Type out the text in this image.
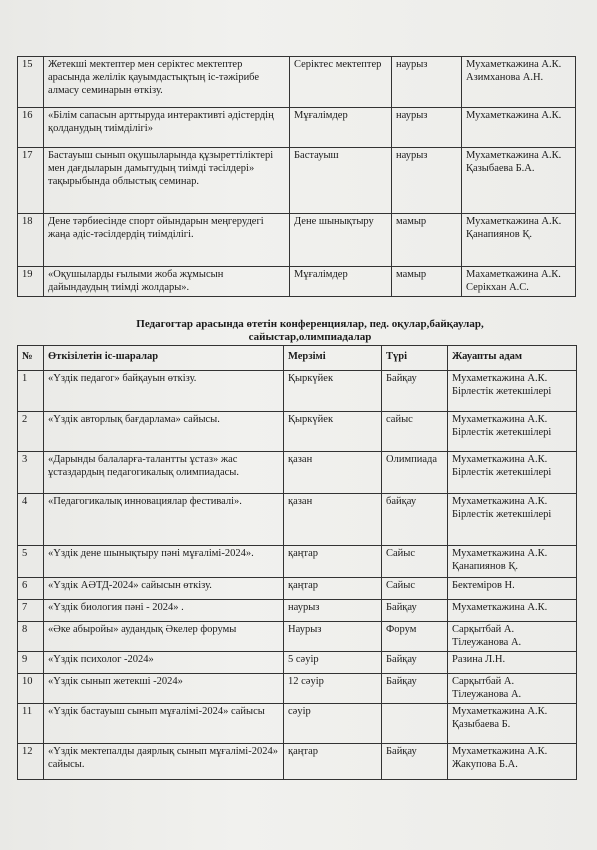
15	Жетекші мектептер мен серіктес мектептер арасында желілік қауымдастықтың іс-тәжірибе алмасу семинарын өткізу.	Серіктес мектептер	наурыз	Мухаметкажина А.К. Азимханова А.Н.
16	«Білім сапасын арттыруда интерактивті әдістердің қолданудың тиімділігі»	Мұғалімдер	наурыз	Мухаметкажина А.К.
17	Бастауыш сынып оқушыларында құзыреттіліктері мен дағдыларын дамытудың тиімді тәсілдері» тақырыбында облыстық семинар.	Бастауыш	наурыз	Мухаметкажина А.К. Қазыбаева Б.А.
18	Дене тәрбиесінде спорт ойындарын меңгерудегі жаңа әдіс-тәсілдердің тиімділігі.	Дене шынықтыру	мамыр	Мухаметкажина А.К. Қанапиянов Қ.
19	«Оқушыларды ғылыми жоба жұмысын дайындаудың тиімді жолдары».	Мұғалімдер	мамыр	Махаметкажина А.К. Серікхан А.С.
Педагогтар арасында өтетін конференциялар, пед. оқулар,байқаулар,
сайыстар,олимпиадалар
№	Өткізілетін іс-шаралар	Мерзімі	Түрі	Жауапты адам
1	«Үздік педагог» байқауын өткізу.	Қыркүйек	Байқау	Мухаметкажина А.К. Бірлестік жетекшілері
2	«Үздік авторлық бағдарлама» сайысы.	Қыркүйек	сайыс	Мухаметкажина А.К. Бірлестік жетекшілері
3	«Дарынды балаларға-талантты ұстаз» жас ұстаздардың педагогикалық олимпиадасы.	қазан	Олимпиада	Мухаметкажина А.К. Бірлестік жетекшілері
4	«Педагогикалық инновациялар фестивалі».	қазан	байқау	Мухаметкажина А.К. Бірлестік жетекшілері
5	«Үздік дене шынықтыру пәні мұғалімі-2024».	қаңтар	Сайыс	Мухаметкажина А.К. Қанапиянов Қ.
6	«Үздік АӘТД-2024» сайысын өткізу.	қаңтар	Сайыс	Бектеміров Н.
7	«Үздік биология пәні - 2024» .	наурыз	Байқау	Мухаметкажина А.К.
8	«Әке абыройы» аудандық Әкелер форумы	Наурыз	Форум	Сарқытбай А. Тілеужанова А.
9	«Үздік психолог -2024»	5 сәуір	Байқау	Разина Л.Н.
10	«Үздік сынып жетекші -2024»	12 сәуір	Байқау	Сарқытбай А. Тілеужанова А.
11	«Үздік бастауыш сынып мұғалімі-2024» сайысы	сәуір		Мухаметкажина А.К. Қазыбаева Б.
12	«Үздік мектепалды даярлық сынып мұғалімі-2024» сайысы.	қаңтар	Байқау	Мухаметкажина А.К. Жакупова Б.А.
